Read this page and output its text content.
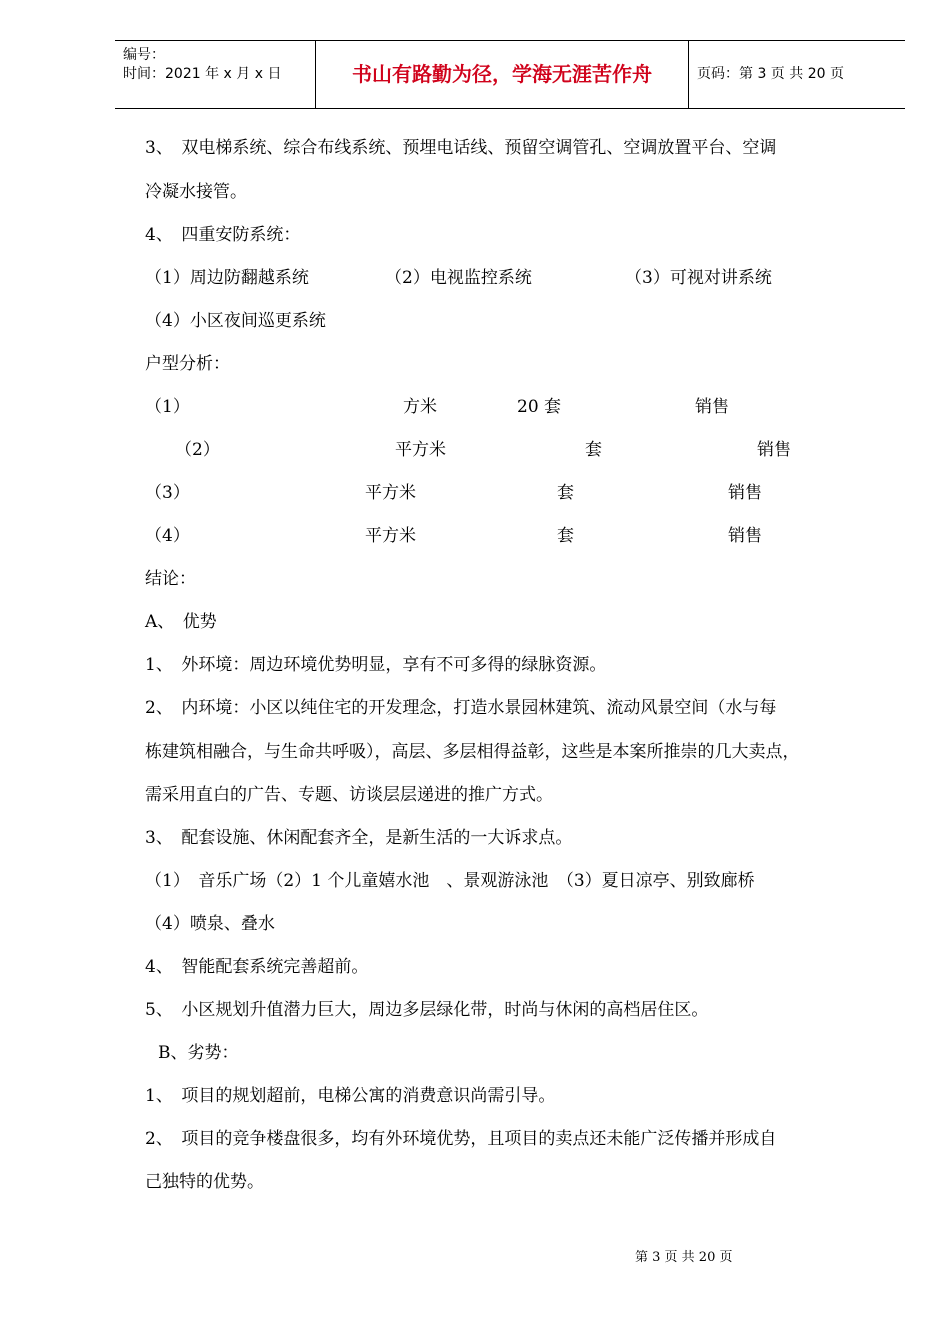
编号：
时间：2021 年 x 月 x 日	书山有路勤为径，学海无涯苦作舟	页码：第 3 页 共 20 页
3、　双电梯系统、综合布线系统、预埋电话线、预留空调管孔、空调放置平台、空调
冷凝水接管。
4、　四重安防系统：
（1）周边防翻越系统	（2）电视监控系统	（3）可视对讲系统
（4）小区夜间巡更系统
户型分析：
（1）	方米	20 套	销售
（2）	平方米	套	销售
（3）	平方米	套	销售
（4）	平方米	套	销售
结论：
A、　优势
1、　外环境：周边环境优势明显，享有不可多得的绿脉资源。
2、　内环境：小区以纯住宅的开发理念，打造水景园林建筑、流动风景空间（水与每
栋建筑相融合，与生命共呼吸），高层、多层相得益彰，这些是本案所推崇的几大卖点，
需采用直白的广告、专题、访谈层层递进的推广方式。
3、　配套设施、休闲配套齐全，是新生活的一大诉求点。
（1）　音乐广场（2）1 个儿童嬉水池　、景观游泳池　（3）夏日凉亭、别致廊桥
（4）喷泉、叠水
4、　智能配套系统完善超前。
5、　小区规划升值潜力巨大，周边多层绿化带，时尚与休闲的高档居住区。
B、劣势：
1、　项目的规划超前，电梯公寓的消费意识尚需引导。
2、　项目的竞争楼盘很多，均有外环境优势，且项目的卖点还未能广泛传播并形成自
己独特的优势。
第 3 页 共 20 页
